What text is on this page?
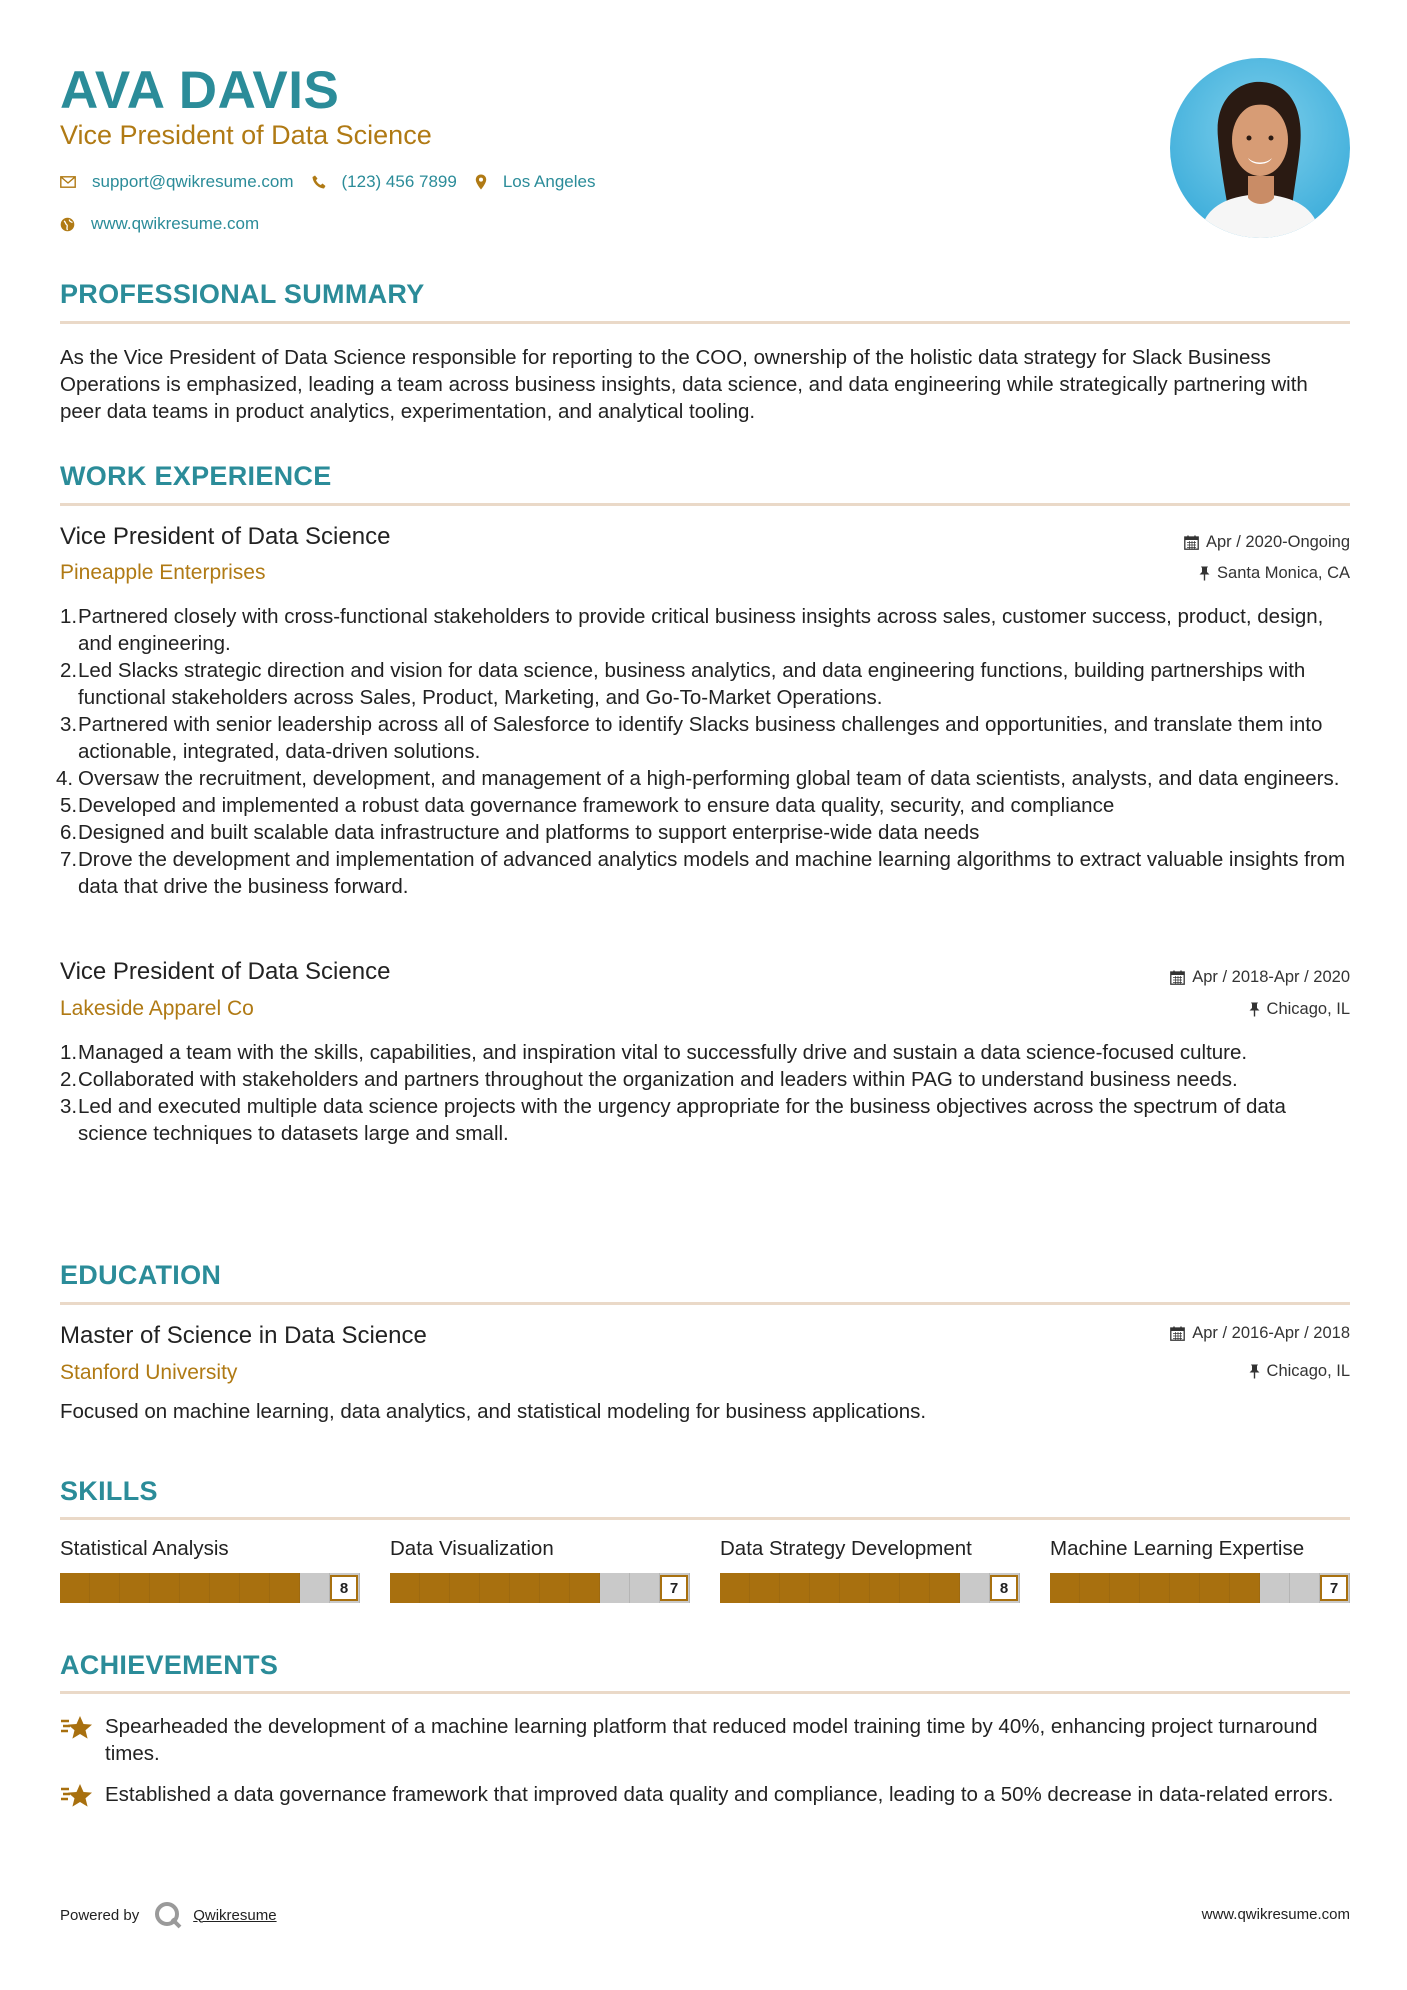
AVA DAVIS
Vice President of Data Science
support@qwikresume.com	(123) 456 7899	Los Angeles
www.qwikresume.com
PROFESSIONAL SUMMARY
As the Vice President of Data Science responsible for reporting to the COO, ownership of the holistic data strategy for Slack Business Operations is emphasized, leading a team across business insights, data science, and data engineering while strategically partnering with peer data teams in product analytics, experimentation, and analytical tooling.
WORK EXPERIENCE
Vice President of Data Science	Apr / 2020-Ongoing
Pineapple Enterprises	Santa Monica, CA
1. Partnered closely with cross-functional stakeholders to provide critical business insights across sales, customer success, product, design, and engineering.
2. Led Slacks strategic direction and vision for data science, business analytics, and data engineering functions, building partnerships with functional stakeholders across Sales, Product, Marketing, and Go-To-Market Operations.
3. Partnered with senior leadership across all of Salesforce to identify Slacks business challenges and opportunities, and translate them into actionable, integrated, data-driven solutions.
4. Oversaw the recruitment, development, and management of a high-performing global team of data scientists, analysts, and data engineers.
5. Developed and implemented a robust data governance framework to ensure data quality, security, and compliance
6. Designed and built scalable data infrastructure and platforms to support enterprise-wide data needs
7. Drove the development and implementation of advanced analytics models and machine learning algorithms to extract valuable insights from data that drive the business forward.
Vice President of Data Science	Apr / 2018-Apr / 2020
Lakeside Apparel Co	Chicago, IL
1. Managed a team with the skills, capabilities, and inspiration vital to successfully drive and sustain a data science-focused culture.
2. Collaborated with stakeholders and partners throughout the organization and leaders within PAG to understand business needs.
3. Led and executed multiple data science projects with the urgency appropriate for the business objectives across the spectrum of data science techniques to datasets large and small.
EDUCATION
Master of Science in Data Science	Apr / 2016-Apr / 2018
Stanford University	Chicago, IL
Focused on machine learning, data analytics, and statistical modeling for business applications.
SKILLS
Statistical Analysis
8
Data Visualization
7
Data Strategy Development
8
Machine Learning Expertise
7
ACHIEVEMENTS
Spearheaded the development of a machine learning platform that reduced model training time by 40%, enhancing project turnaround times.
Established a data governance framework that improved data quality and compliance, leading to a 50% decrease in data-related errors.
Powered by	Qwikresume	www.qwikresume.com
